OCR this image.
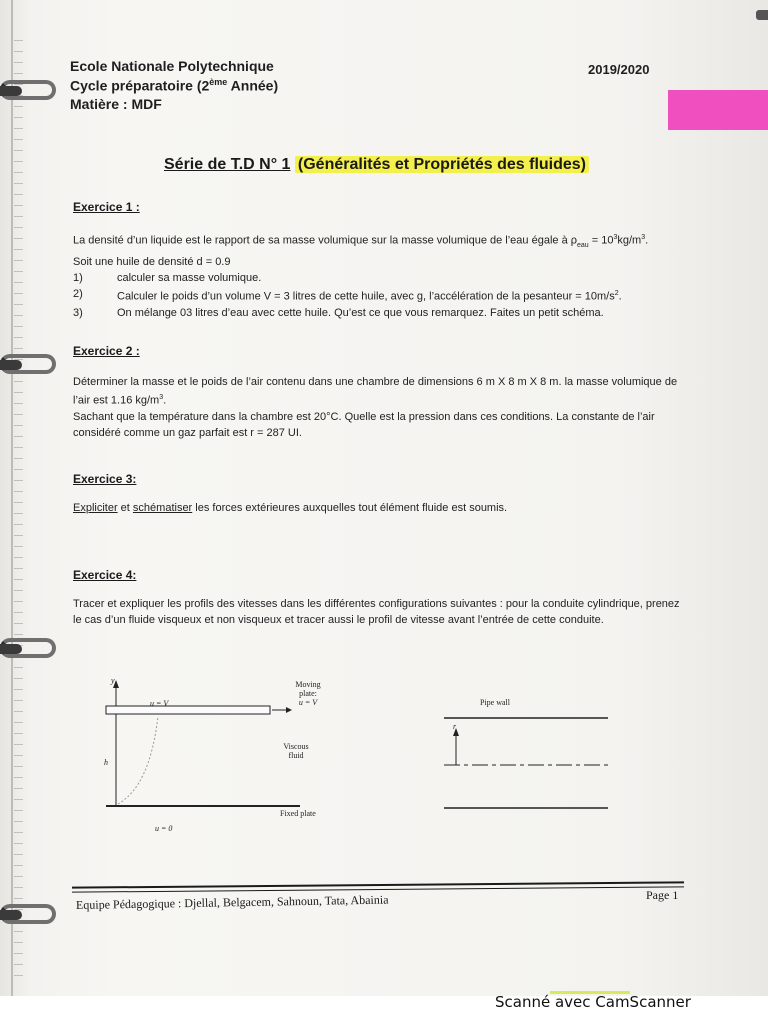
Ecole Nationale Polytechnique
Cycle préparatoire (2ème Année)
Matière : MDF
2019/2020
Série de T.D N° 1 (Généralités et Propriétés des fluides)
Exercice 1 :
La densité d’un liquide est le rapport de sa masse volumique sur la masse volumique de l’eau égale à $\rho_{eau} = 10^3kg/m^3$.
Soit une huile de densité d = 0.9
1)	calculer sa masse volumique.
2)	Calculer le poids d’un volume V = 3 litres de cette huile, avec g, l’accélération de la pesanteur = $10m/s^2$.
3)	On mélange 03 litres d’eau avec cette huile. Qu’est ce que vous remarquez. Faites un petit schéma.
Exercice 2 :
Déterminer la masse et le poids de l’air contenu dans une chambre de dimensions 6 m X 8 m X 8 m. la masse volumique de l’air est 1.16 $kg/m^3$.
Sachant que la température dans la chambre est 20°C. Quelle est la pression dans ces conditions. La constante de l’air considéré comme un gaz parfait est r = 287 UI.
Exercice 3:
Expliciter et schématiser les forces extérieures auxquelles tout élément fluide est soumis.
Exercice 4:
Tracer et expliquer les profils des vitesses dans les différentes configurations suivantes : pour la conduite cylindrique, prenez le cas d’un fluide visqueux et non visqueux et tracer aussi le profil de vitesse avant l’entrée de cette conduite.
y
u = V
Moving
plate:
u = V
Viscous
fluid
h
Fixed plate
u = 0
Pipe wall
r
Equipe Pédagogique : Djellal, Belgacem, Sahnoun, Tata, Abainia	Page 1
Scanné avec CamScanner
